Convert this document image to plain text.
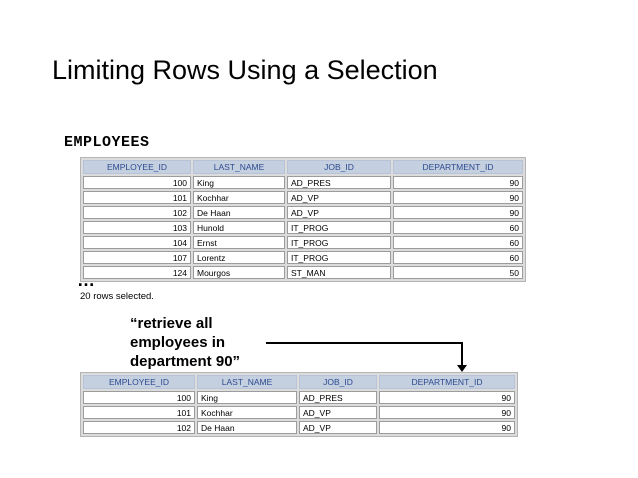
Limiting Rows Using a Selection
EMPLOYEES
EMPLOYEE_ID	LAST_NAME	JOB_ID	DEPARTMENT_ID
100	King	AD_PRES	90
101	Kochhar	AD_VP	90
102	De Haan	AD_VP	90
103	Hunold	IT_PROG	60
104	Ernst	IT_PROG	60
107	Lorentz	IT_PROG	60
124	Mourgos	ST_MAN	50
…
20 rows selected.
“retrieve all employees in department 90”
EMPLOYEE_ID	LAST_NAME	JOB_ID	DEPARTMENT_ID
100	King	AD_PRES	90
101	Kochhar	AD_VP	90
102	De Haan	AD_VP	90
